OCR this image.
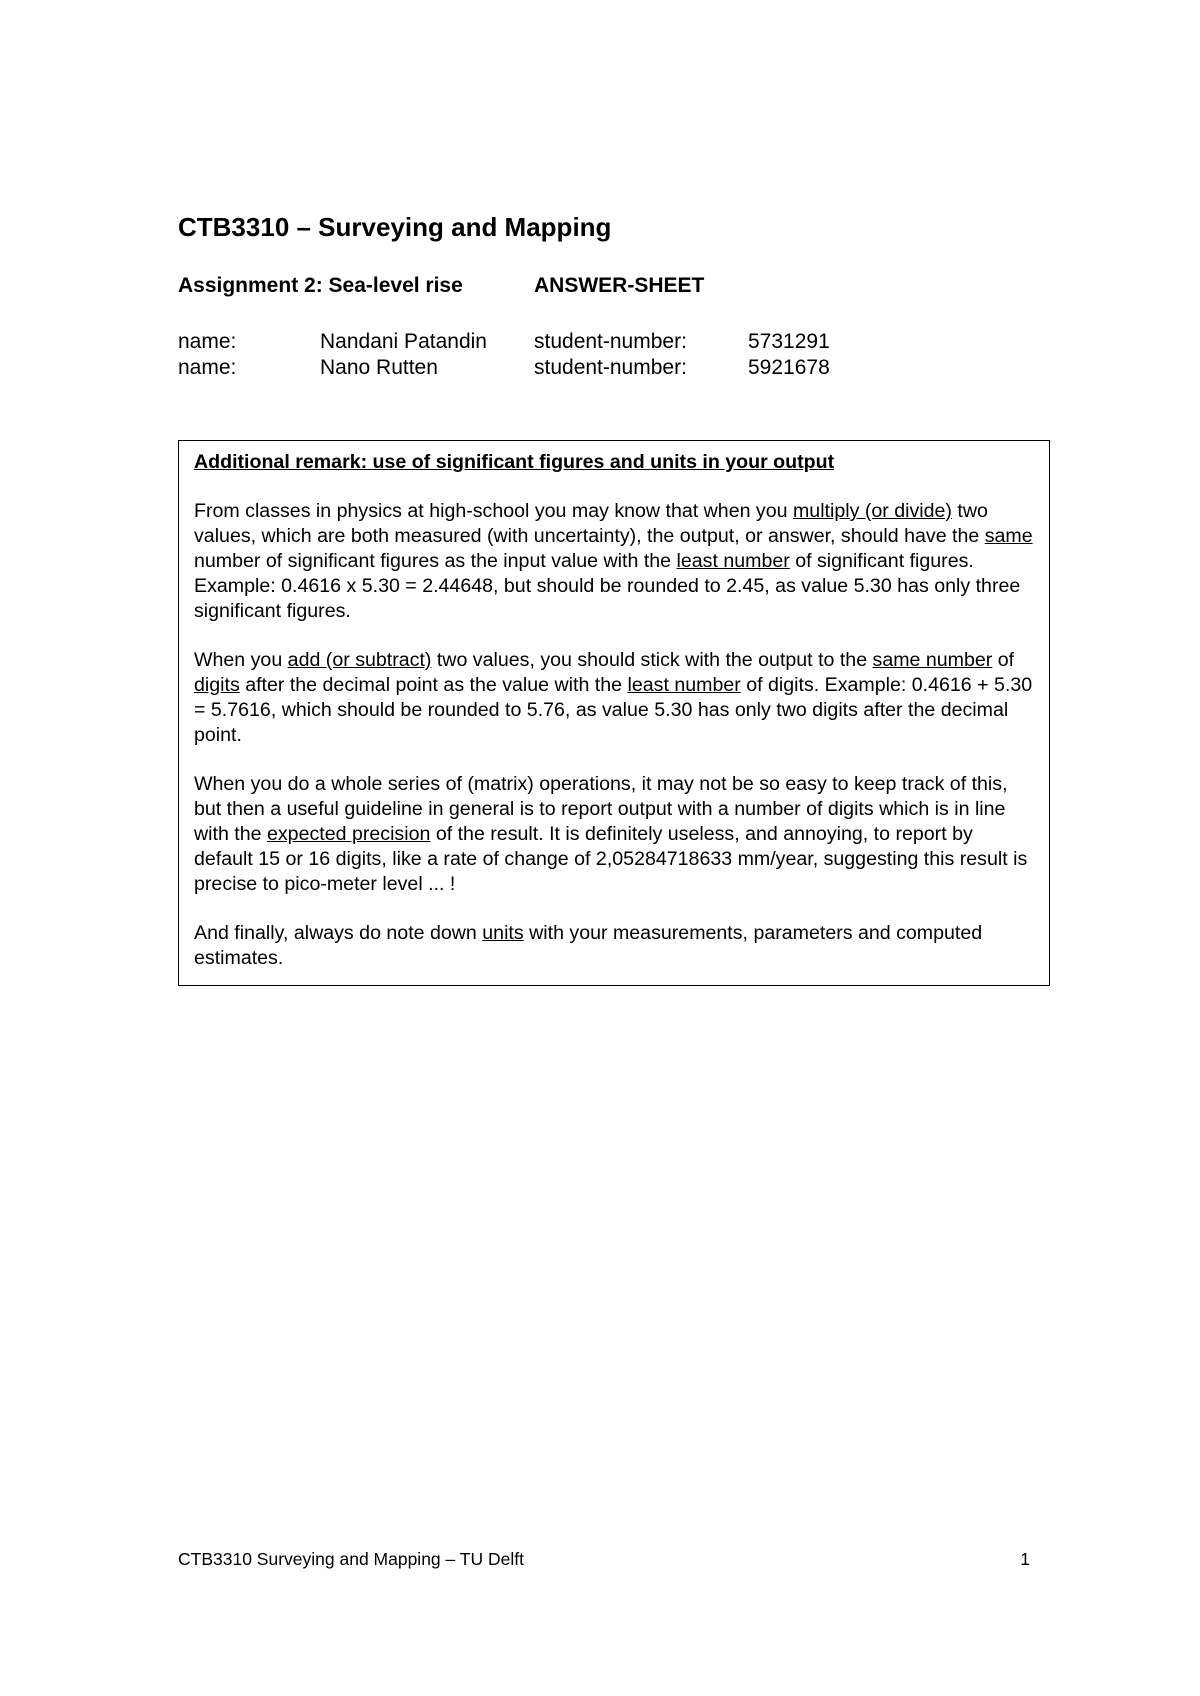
CTB3310 – Surveying and Mapping
Assignment 2: Sea-level rise	ANSWER-SHEET
name:	Nandani Patandin student-number:	5731291
name:	Nano Rutten	student-number:	5921678

Additional remark: use of significant figures and units in your output

From classes in physics at high-school you may know that when you multiply (or divide) two values, which are both measured (with uncertainty), the output, or answer, should have the same number of significant figures as the input value with the least number of significant figures. Example: 0.4616 x 5.30 = 2.44648, but should be rounded to 2.45, as value 5.30 has only three significant figures.

When you add (or subtract) two values, you should stick with the output to the same number of digits after the decimal point as the value with the least number of digits. Example: 0.4616 + 5.30 = 5.7616, which should be rounded to 5.76, as value 5.30 has only two digits after the decimal point.

When you do a whole series of (matrix) operations, it may not be so easy to keep track of this, but then a useful guideline in general is to report output with a number of digits which is in line with the expected precision of the result. It is definitely useless, and annoying, to report by default 15 or 16 digits, like a rate of change of 2,05284718633 mm/year, suggesting this result is precise to pico-meter level ... !

And finally, always do note down units with your measurements, parameters and computed estimates.

CTB3310 Surveying and Mapping – TU Delft	1
